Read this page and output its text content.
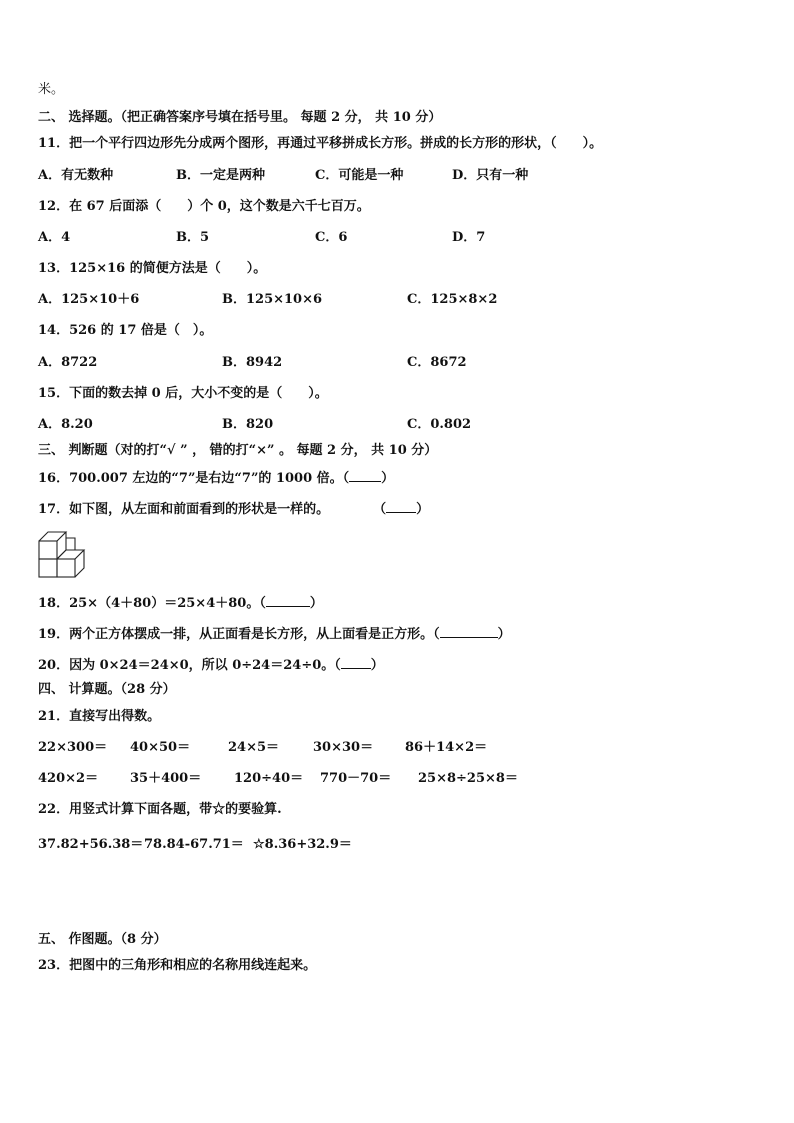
米。
二、 选择题。（把正确答案序号填在括号里。 每题 2 分， 共 10 分）
11．把一个平行四边形先分成两个图形，再通过平移拼成长方形。拼成的长方形的形状，（　　）。
A．有无数种	B．一定是两种	C．可能是一种	D．只有一种
12．在 67 后面添（　　）个 0，这个数是六千七百万。
A．4	B．5	C．6	D．7
13．125×16 的简便方法是（　　）。
A．125×10＋6	B．125×10×6	C．125×8×2
14．526 的 17 倍是（　）。
A．8722	B．8942	C．8672
15．下面的数去掉 0 后，大小不变的是（　　）。
A．8.20	B．820	C．0.802
三、 判断题（对的打“√ ” ， 错的打“×” 。 每题 2 分， 共 10 分）
16．700.007 左边的“7”是右边“7”的 1000 倍。（ ）
17．如下图，从左面和前面看到的形状是一样的。	（ ）
18．25×（4＋80）＝25×4＋80。（	）
19．两个正方体摆成一排，从正面看是长方形，从上面看是正方形。（	）
20．因为 0×24＝24×0，所以 0÷24＝24÷0。（ ）
四、 计算题。（28 分）
21．直接写出得数。
22×300＝ 40×50＝	24×5＝	30×30＝ 86＋14×2＝
420×2＝ 35＋400＝	120÷40＝ 770－70＝ 25×8÷25×8＝
22．用竖式计算下面各题，带☆的要验算.
37.82+56.38＝ 78.84-67.71＝ ☆8.36+32.9＝
五、 作图题。（8 分）
23．把图中的三角形和相应的名称用线连起来。
